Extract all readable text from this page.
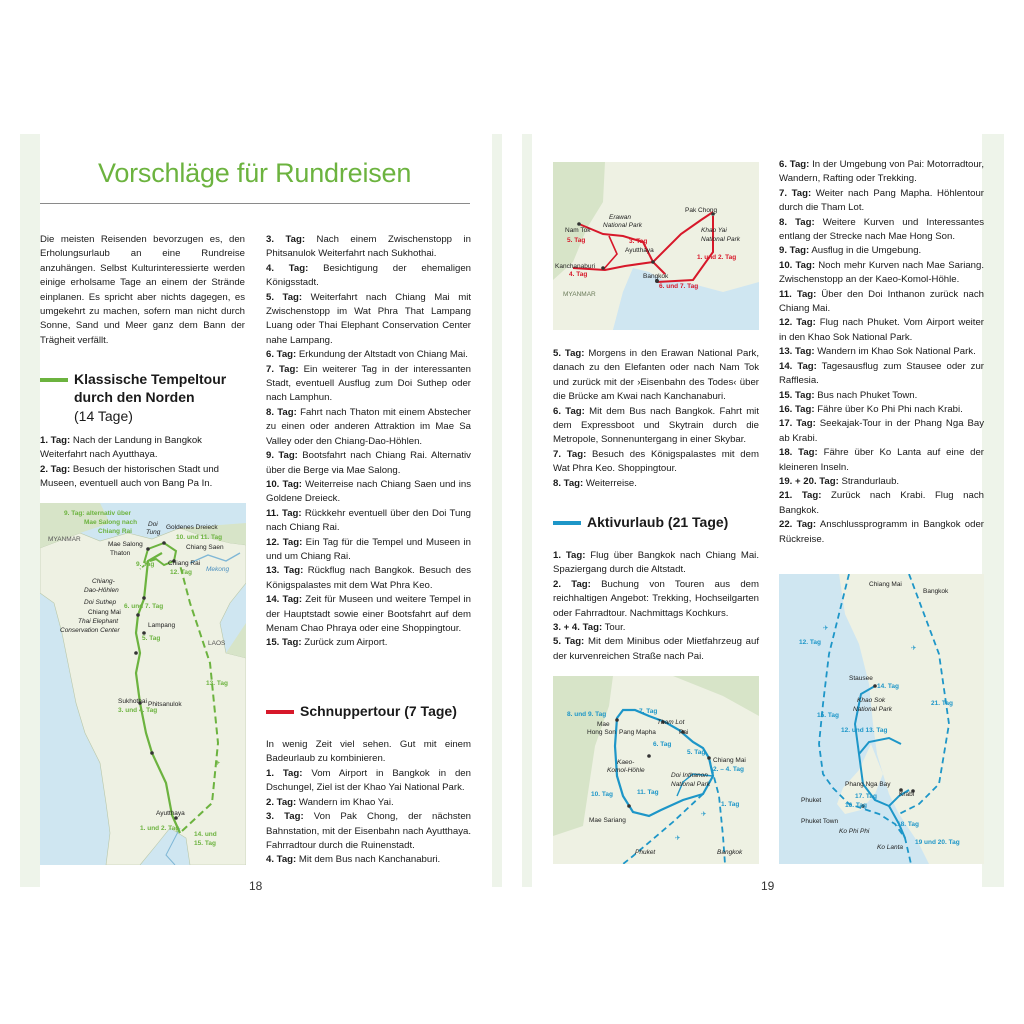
Vorschläge für Rundreisen

Die meisten Reisenden bevorzugen es, den Erholungsurlaub an eine Rundreise anzuhängen. Selbst Kulturinteressierte werden einige erholsame Tage an einem der Strände einplanen. Es spricht aber nichts dagegen, es umgekehrt zu machen, sofern man nicht durch Sonne, Sand und Meer ganz dem Bann der Trägheit verfällt.

Klassische Tempeltour
durch den Norden
(14 Tage)

1. Tag: Nach der Landung in Bangkok Weiterfahrt nach Ayutthaya.

2. Tag: Besuch der historischen Stadt und Museen, eventuell auch von Bang Pa In.

✈
MYANMAR
LAOS
Mekong
9. Tag: alternativ über
Mae Salong nach
Chiang Rai
Doi
Tung
Goldenes Dreieck
Mae Salong
Thaton
10. und 11. Tag
Chiang Saen
9. Tag Chiang Rai
12. Tag
Chiang-
Dao-Höhlen
Doi Suthep
6. und 7. Tag
Chiang Mai
Thai Elephant
Conservation Center
Lampang
5. Tag
13. Tag
Sukhothai Phitsanulok
3. und 4. Tag
Ayutthaya
1. und 2. Tag
14. und
15. Tag

3. Tag: Nach einem Zwischenstopp in Phitsanulok Weiterfahrt nach Sukhothai.

4. Tag: Besichtigung der ehemaligen Königsstadt.

5. Tag: Weiterfahrt nach Chiang Mai mit Zwischenstopp im Wat Phra That Lampang Luang oder Thai Elephant Conservation Center nahe Lampang.

6. Tag: Erkundung der Altstadt von Chiang Mai.

7. Tag: Ein weiterer Tag in der interessanten Stadt, eventuell Ausflug zum Doi Suthep oder nach Lamphun.

8. Tag: Fahrt nach Thaton mit einem Abstecher zu einen oder anderen Attraktion im Mae Sa Valley oder den Chiang-Dao-Höhlen.

9. Tag: Bootsfahrt nach Chiang Rai. Alternativ über die Berge via Mae Salong.

10. Tag: Weiterreise nach Chiang Saen und ins Goldene Dreieck.

11. Tag: Rückkehr eventuell über den Doi Tung nach Chiang Rai.

12. Tag: Ein Tag für die Tempel und Museen in und um Chiang Rai.

13. Tag: Rückflug nach Bangkok. Besuch des Königspalastes mit dem Wat Phra Keo.

14. Tag: Zeit für Museen und weitere Tempel in der Hauptstadt sowie einer Bootsfahrt auf dem Menam Chao Phraya oder eine Shoppingtour.

15. Tag: Zurück zum Airport.

Schnuppertour (7 Tage)

In wenig Zeit viel sehen. Gut mit einem Badeurlaub zu kombinieren.

1. Tag: Vom Airport in Bangkok in den Dschungel, Ziel ist der Khao Yai National Park.

2. Tag: Wandern im Khao Yai.

3. Tag: Von Pak Chong, der nächsten Bahnstation, mit der Eisenbahn nach Ayutthaya. Fahrradtour durch die Ruinenstadt.

4. Tag: Mit dem Bus nach Kanchanaburi.

Erawan
National Park
Nam Tok
5. Tag	3. Tag
Ayutthaya
Kanchanaburi
4. Tag	Bangkok
6. und 7. Tag
1. und 2. Tag
MYANMAR
Pak Chong
Khao Yai
National Park

5. Tag: Morgens in den Erawan National Park, danach zu den Elefanten oder nach Nam Tok und zurück mit der ›Eisenbahn des Todes‹ über die Brücke am Kwai nach Kanchanaburi.

6. Tag: Mit dem Bus nach Bangkok. Fahrt mit dem Expressboot und Skytrain durch die Metropole, Sonnenuntergang in einer Skybar.

7. Tag: Besuch des Königspalastes mit dem Wat Phra Keo. Shoppingtour.

8. Tag: Weiterreise.

Aktivurlaub (21 Tage)

1. Tag: Flug über Bangkok nach Chiang Mai. Spaziergang durch die Altstadt.

2. Tag: Buchung von Touren aus dem reichhaltigen Angebot: Trekking, Hochseilgarten oder Fahrradtour. Nachmittags Kochkurs.

3. + 4. Tag: Tour.

5. Tag: Mit dem Minibus oder Mietfahrzeug auf der kurvenreichen Straße nach Pai.

✈
✈
8. und 9. Tag	7. Tag
Tham Lot
Mae
Hong Son Pang Mapha	Pai
6. Tag
5. Tag
Chiang Mai
2. – 4. Tag
Kaeo-
Komol-Höhle
Doi Inthanon
National Park
10. Tag	11. Tag
1. Tag
Mae Sariang
Phuket	Bangkok

6. Tag: In der Umgebung von Pai: Motorradtour, Wandern, Rafting oder Trekking.

7. Tag: Weiter nach Pang Mapha. Höhlentour durch die Tham Lot.

8. Tag: Weitere Kurven und Interessantes entlang der Strecke nach Mae Hong Son.

9. Tag: Ausflug in die Umgebung.

10. Tag: Noch mehr Kurven nach Mae Sariang. Zwischenstopp an der Kaeo-Komol-Höhle.

11. Tag: Über den Doi Inthanon zurück nach Chiang Mai.

12. Tag: Flug nach Phuket. Vom Airport weiter in den Khao Sok National Park.

13. Tag: Wandern im Khao Sok National Park.

14. Tag: Tagesausflug zum Stausee oder zur Rafflesia.

15. Tag: Bus nach Phuket Town.

16. Tag: Fähre über Ko Phi Phi nach Krabi.

17. Tag: Seekajak-Tour in der Phang Nga Bay ab Krabi.

18. Tag: Fähre über Ko Lanta auf eine der kleineren Inseln.

19. + 20. Tag: Strandurlaub.

21. Tag: Zurück nach Krabi. Flug nach Bangkok.

22. Tag: Anschlussprogramm in Bangkok oder Rückreise.

✈
✈
Chiang Mai
Bangkok
12. Tag
Stausee
14. Tag
Khao Sok
National Park
15. Tag
12. und 13. Tag
21. Tag
Phang Nga Bay
17. Tag	Krabi
Phuket
16. Tag
Phuket Town
Ko Phi Phi
18. Tag
Ko Lanta
19 und 20. Tag
18	19
